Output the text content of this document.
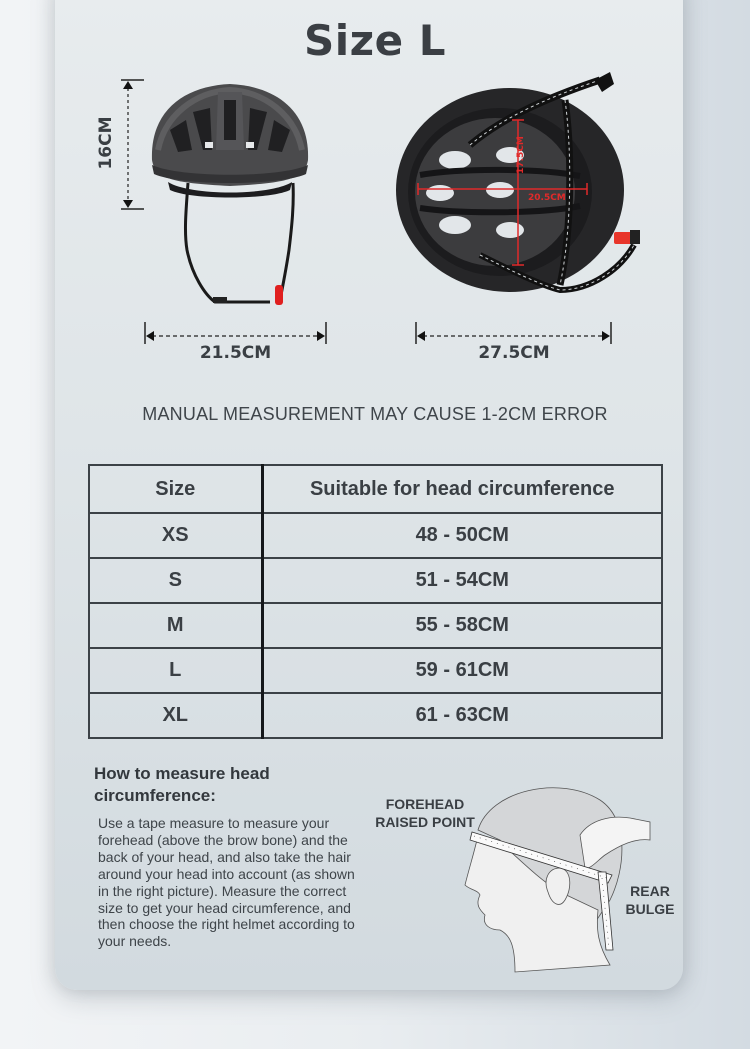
Size L
16CM
21.5CM
17.5CM
20.5CM
27.5CM
MANUAL MEASUREMENT MAY CAUSE 1-2CM ERROR
Size	Suitable for head circumference
XS	48 - 50CM
S	51 - 54CM
M	55 - 58CM
L	59 - 61CM
XL	61 - 63CM
How to measure head circumference:
Use a tape measure to measure your forehead (above the brow bone) and the back of your head, and also take the hair around your head into account (as shown in the right picture). Measure the correct size to get your head circumference, and then choose the right helmet according to your needs.
FOREHEAD
RAISED POINT
REAR
BULGE
